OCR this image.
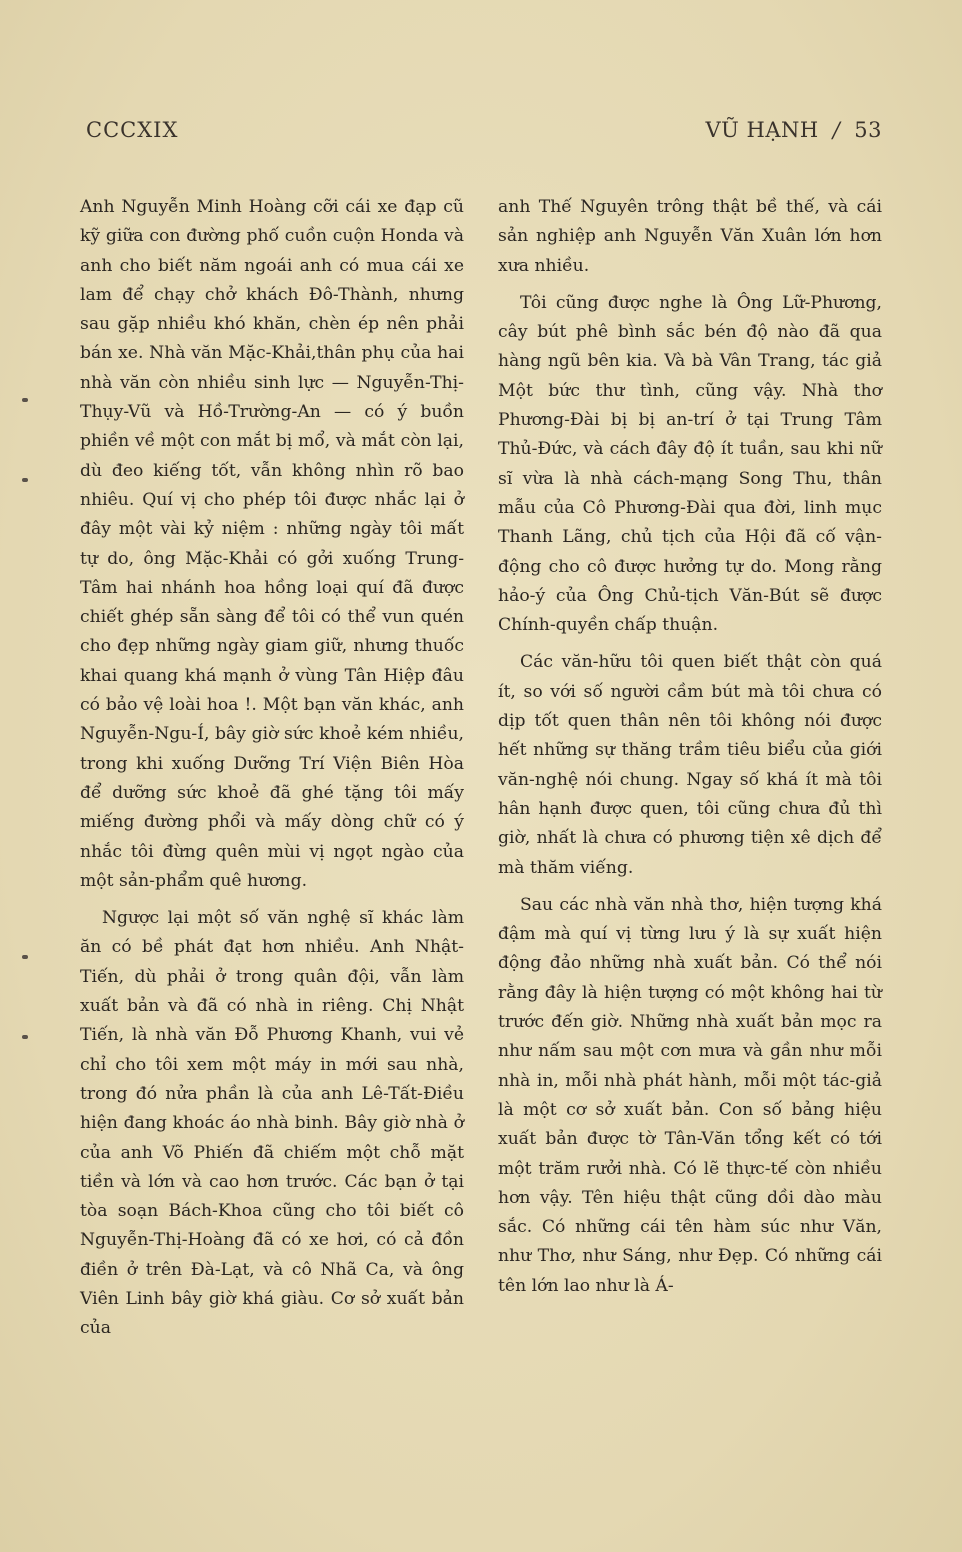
CCCXIX	VŨ HẠNH / 53

Anh Nguyễn Minh Hoàng cỡi cái xe đạp cũ kỹ giữa con đường phố cuồn cuộn Honda và anh cho biết năm ngoái anh có mua cái xe lam để chạy chở khách Đô-Thành, nhưng sau gặp nhiều khó khăn, chèn ép nên phải bán xe. Nhà văn Mặc-Khải,thân phụ của hai nhà văn còn nhiều sinh lực — Nguyễn-Thị-Thụy-Vũ và Hồ-Trường-An — có ý buồn phiền về một con mắt bị mổ, và mắt còn lại, dù đeo kiếng tốt, vẫn không nhìn rõ bao nhiêu. Quí vị cho phép tôi được nhắc lại ở đây một vài kỷ niệm : những ngày tôi mất tự do, ông Mặc-Khải có gởi xuống Trung-Tâm hai nhánh hoa hồng loại quí đã được chiết ghép sẵn sàng để tôi có thể vun quén cho đẹp những ngày giam giữ, nhưng thuốc khai quang khá mạnh ở vùng Tân Hiệp đâu có bảo vệ loài hoa !. Một bạn văn khác, anh Nguyễn-Ngu-Í, bây giờ sức khoẻ kém nhiều, trong khi xuống Dưỡng Trí Viện Biên Hòa để dưỡng sức khoẻ đã ghé tặng tôi mấy miếng đường phổi và mấy dòng chữ có ý nhắc tôi đừng quên mùi vị ngọt ngào của một sản-phẩm quê hương.

Ngược lại một số văn nghệ sĩ khác làm ăn có bề phát đạt hơn nhiều. Anh Nhật-Tiến, dù phải ở trong quân đội, vẫn làm xuất bản và đã có nhà in riêng. Chị Nhật Tiến, là nhà văn Đỗ Phương Khanh, vui vẻ chỉ cho tôi xem một máy in mới sau nhà, trong đó nửa phần là của anh Lê-Tất-Điều hiện đang khoác áo nhà binh. Bây giờ nhà ở của anh Võ Phiến đã chiếm một chỗ mặt tiền và lớn và cao hơn trước. Các bạn ở tại tòa soạn Bách-Khoa cũng cho tôi biết cô Nguyễn-Thị-Hoàng đã có xe hơi, có cả đồn điền ở trên Đà-Lạt, và cô Nhã Ca, và ông Viên Linh bây giờ khá giàu. Cơ sở xuất bản của

anh Thế Nguyên trông thật bề thế, và cái sản nghiệp anh Nguyễn Văn Xuân lớn hơn xưa nhiều.

Tôi cũng được nghe là Ông Lữ-Phương, cây bút phê bình sắc bén độ nào đã qua hàng ngũ bên kia. Và bà Vân Trang, tác giả Một bức thư tình, cũng vậy. Nhà thơ Phương-Đài bị bị an-trí ở tại Trung Tâm Thủ-Đức, và cách đây độ ít tuần, sau khi nữ sĩ vừa là nhà cách-mạng Song Thu, thân mẫu của Cô Phương-Đài qua đời, linh mục Thanh Lãng, chủ tịch của Hội đã cố vận-động cho cô được hưởng tự do. Mong rằng hảo-ý của Ông Chủ-tịch Văn-Bút sẽ được Chính-quyền chấp thuận.

Các văn-hữu tôi quen biết thật còn quá ít, so với số người cầm bút mà tôi chưa có dịp tốt quen thân nên tôi không nói được hết những sự thăng trầm tiêu biểu của giới văn-nghệ nói chung. Ngay số khá ít mà tôi hân hạnh được quen, tôi cũng chưa đủ thì giờ, nhất là chưa có phương tiện xê dịch để mà thăm viếng.

Sau các nhà văn nhà thơ, hiện tượng khá đậm mà quí vị từng lưu ý là sự xuất hiện động đảo những nhà xuất bản. Có thể nói rằng đây là hiện tượng có một không hai từ trước đến giờ. Những nhà xuất bản mọc ra như nấm sau một cơn mưa và gần như mỗi nhà in, mỗi nhà phát hành, mỗi một tác-giả là một cơ sở xuất bản. Con số bảng hiệu xuất bản được tờ Tân-Văn tổng kết có tới một trăm rưởi nhà. Có lẽ thực-tế còn nhiều hơn vậy. Tên hiệu thật cũng dồi dào màu sắc. Có những cái tên hàm súc như Văn, như Thơ, như Sáng, như Đẹp. Có những cái tên lớn lao như là Á-
